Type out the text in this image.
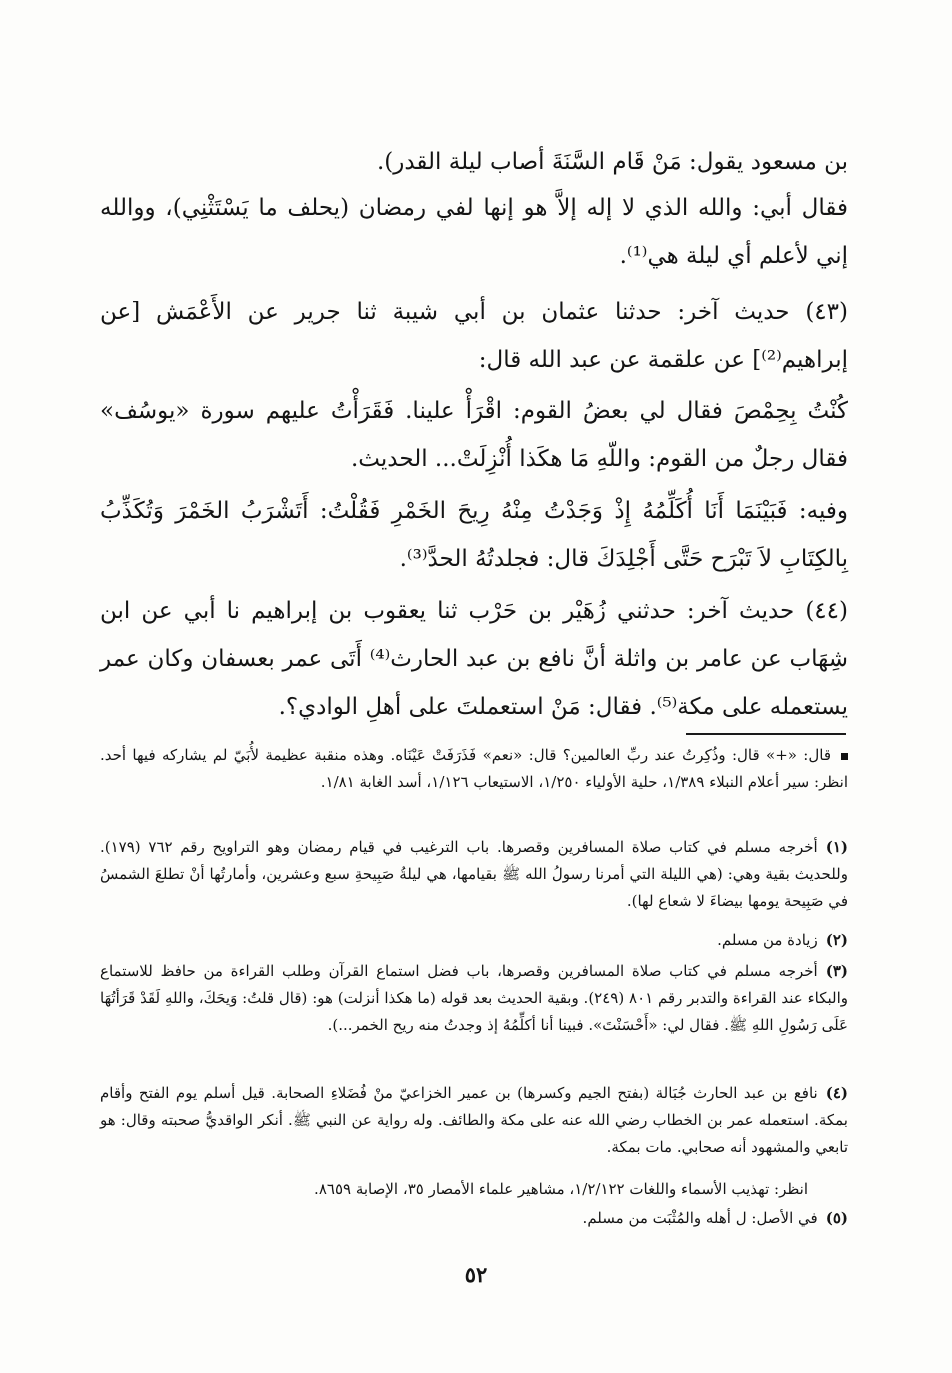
بن مسعود يقول: مَنْ قَام السَّنَةَ أصاب ليلة القدر).
فقال أبي: والله الذي لا إله إلاَّ هو إنها لفي رمضان (يحلف ما يَسْتَثْنِي)، ووالله إني لأعلم أي ليلة هي⁽¹⁾.
(٤٣) حديث آخر: حدثنا عثمان بن أبي شيبة ثنا جرير عن الأَعْمَش [عن إبراهيم⁽²⁾] عن علقمة عن عبد الله قال:
كُنْتُ بِحِمْصَ فقال لي بعضُ القوم: اقْرَأْ علينا. فَقَرَأْتُ عليهم سورة «يوسُف» فقال رجلٌ من القوم: واللّهِ مَا هكَذا أُنْزِلَتْ... الحديث.
وفيه: فَبَيْنَمَا أَنَا أُكَلِّمُهُ إِذْ وَجَدْتُ مِنْهُ رِيحَ الخَمْرِ فَقُلْتُ: أَتَشْرَبُ الخَمْرَ وَتُكَذِّبُ بِالكِتَابِ لاَ تَبْرَح حَتَّى أَجْلِدَكَ قال: فجلدتُهُ الحدَّ⁽³⁾.
(٤٤) حديث آخر: حدثني زُهَيْر بن حَرْب ثنا يعقوب بن إبراهيم نا أبي عن ابن شِهَاب عن عامر بن واثلة أنَّ نافع بن عبد الحارث⁽⁴⁾ أَتَى عمر بعسفان وكان عمر يستعمله على مكة⁽⁵⁾. فقال: مَنْ استعملتَ على أهلِ الوادي؟.
قال: «+» قال: وذُكِرتُ عند ربِّ العالمين؟ قال: «نعم» فَذَرَفَتْ عَيْنَاه. وهذه منقبة عظيمة لأُبَيّ لم يشاركه فيها أحد. انظر: سير أعلام النبلاء ١/٣٨٩، حلية الأولياء ١/٢٥٠، الاستيعاب ١/١٢٦، أسد الغابة ١/٨١.
(١)أخرجه مسلم في كتاب صلاة المسافرين وقصرها. باب الترغيب في قيام رمضان وهو التراويح رقم ٧٦٢ (١٧٩). وللحديث بقية وهي: (هي الليلة التي أمرنا رسولُ الله ﷺ بقيامها، هي ليلةُ صَبِيحةِ سبع وعشرين، وأمارتُها أنْ تطلعَ الشمسُ في صَبِيحة يومها بيضاءَ لا شعاع لها).
(٢)زيادة من مسلم.
(٣)أخرجه مسلم في كتاب صلاة المسافرين وقصرها، باب فضل استماع القرآن وطلب القراءة من حافظ للاستماع والبكاء عند القراءة والتدبر رقم ٨٠١ (٢٤٩). وبقية الحديث بعد قوله (ما هكذا أنزلت) هو: (قال قلتُ: وَيحَكَ، واللهِ لَقَدْ قَرَأتُهَا عَلَى رَسُولِ اللهِ ﷺ. فقال لي: «أَحْسَنْتَ». فبينا أنا أكلِّمُهُ إذ وجدتُ منه ريح الخمر...).
(٤)نافع بن عبد الحارث جُبَالة (بفتح الجيم وكسرها) بن عمير الخزاعيّ منْ فُضَلاءِ الصحابة. قيل أسلم يوم الفتح وأقام بمكة. استعمله عمر بن الخطاب رضي الله عنه على مكة والطائف. وله رواية عن النبي ﷺ. أنكر الواقديُّ صحبته وقال: هو تابعي والمشهود أنه صحابي. مات بمكة.
انظر: تهذيب الأسماء واللغات ١/٢/١٢٢، مشاهير علماء الأمصار ٣٥، الإصابة ٨٦٥٩.
(٥)في الأصل: ل أهله والمُثْبَت من مسلم.
٥٢
